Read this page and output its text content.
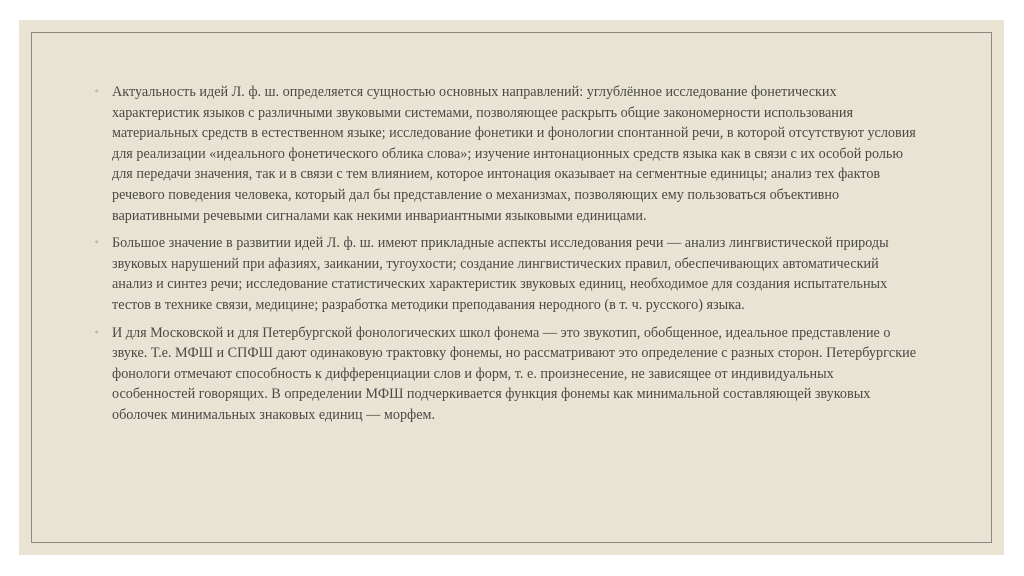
◦ Актуальность идей Л. ф. ш. определяется сущностью основных направлений: углублённое исследование фонетических характеристик языков с различными звуковыми системами, позволяющее раскрыть общие закономерности использования материальных средств в естественном языке; исследование фонетики и фонологии спонтанной речи, в которой отсутствуют условия для реализации «идеального фонетического облика слова»; изучение интонационных средств языка как в связи с их особой ролью для передачи значения, так и в связи с тем влиянием, которое интонация оказывает на сегментные единицы; анализ тех фактов речевого поведения человека, который дал бы представление о механизмах, позволяющих ему пользоваться объективно вариативными речевыми сигналами как некими инвариантными языковыми единицами.
◦ Большое значение в развитии идей Л. ф. ш. имеют прикладные аспекты исследования речи — анализ лингвистической природы звуковых нарушений при афазиях, заикании, тугоухости; создание лингвистических правил, обеспечивающих автоматический анализ и синтез речи; исследование статистических характеристик звуковых единиц, необходимое для создания испытательных тестов в технике связи, медицине; разработка методики преподавания неродного (в т. ч. русского) языка.
◦ И для Московской и для Петербургской фонологических школ фонема — это звукотип, обобщенное, идеальное представление о звуке. Т.е. МФШ и СПФШ дают одинаковую трактовку фонемы, но рассматривают это определение с разных сторон. Петербургские фонологи отмечают способность к дифференциации слов и форм, т. е. произнесение, не зависящее от индивидуальных особенностей говорящих. В определении МФШ подчеркивается функция фонемы как минимальной составляющей звуковых оболочек минимальных знаковых единиц — морфем.
